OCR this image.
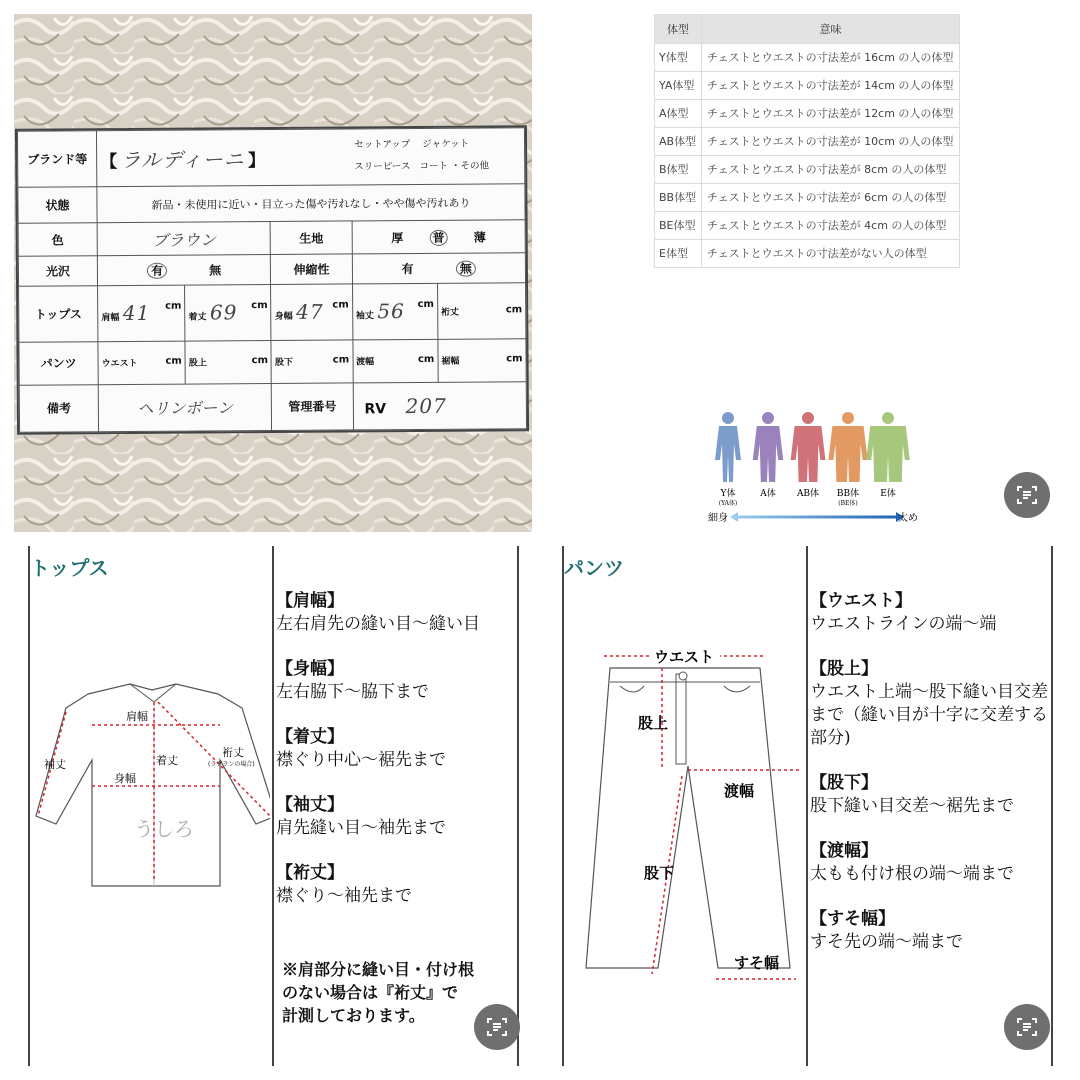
ブランド等	【 ラルディーニ 】			セットアップ ジャケット
スリーピース コート ・その他	
状態	新品・未使用に近い・目立った傷や汚れなし・やや傷や汚れあり				
色	ブラウン		生地	厚 普 薄	
光沢	有 無		伸縮性	有 無	
トップス	肩幅 41 cm	着丈 69 cm	身幅 47 cm	袖丈 56 cm	裄丈 cm

パンツ	ウエスト cm	股上 cm	股下 cm	渡幅 cm	裾幅 cm

備考	ヘリンボーン		管理番号	RV 207	
体型	意味
Y体型	チェストとウエストの寸法差が 16cm の人の体型
YA体型	チェストとウエストの寸法差が 14cm の人の体型
A体型	チェストとウエストの寸法差が 12cm の人の体型
AB体型	チェストとウエストの寸法差が 10cm の人の体型
B体型	チェストとウエストの寸法差が 8cm の人の体型
BB体型	チェストとウエストの寸法差が 6cm の人の体型
BE体型	チェストとウエストの寸法差が 4cm の人の体型
E体型	チェストとウエストの寸法差がない人の体型
Y体
(YA体)
A体 AB体 BB体
(BE体)
E体
細身	太め
トップス
肩幅
着丈
身幅
袖丈
裄丈
(ラグランの場合)
うしろ
【肩幅】
左右肩先の縫い目〜縫い目
【身幅】
左右脇下〜脇下まで
【着丈】
襟ぐり中心〜裾先まで
【袖丈】
肩先縫い目〜袖先まで
【裄丈】
襟ぐり〜袖先まで
※肩部分に縫い目・付け根
のない場合は『裄丈』で
計測しております。
パンツ
ウエスト
股上
渡幅
股下
すそ幅
【ウエスト】
ウエストラインの端〜端
【股上】
ウエスト上端〜股下縫い目交差まで（縫い目が十字に交差する部分)
【股下】
股下縫い目交差〜裾先まで
【渡幅】
太もも付け根の端〜端まで
【すそ幅】
すそ先の端〜端まで
